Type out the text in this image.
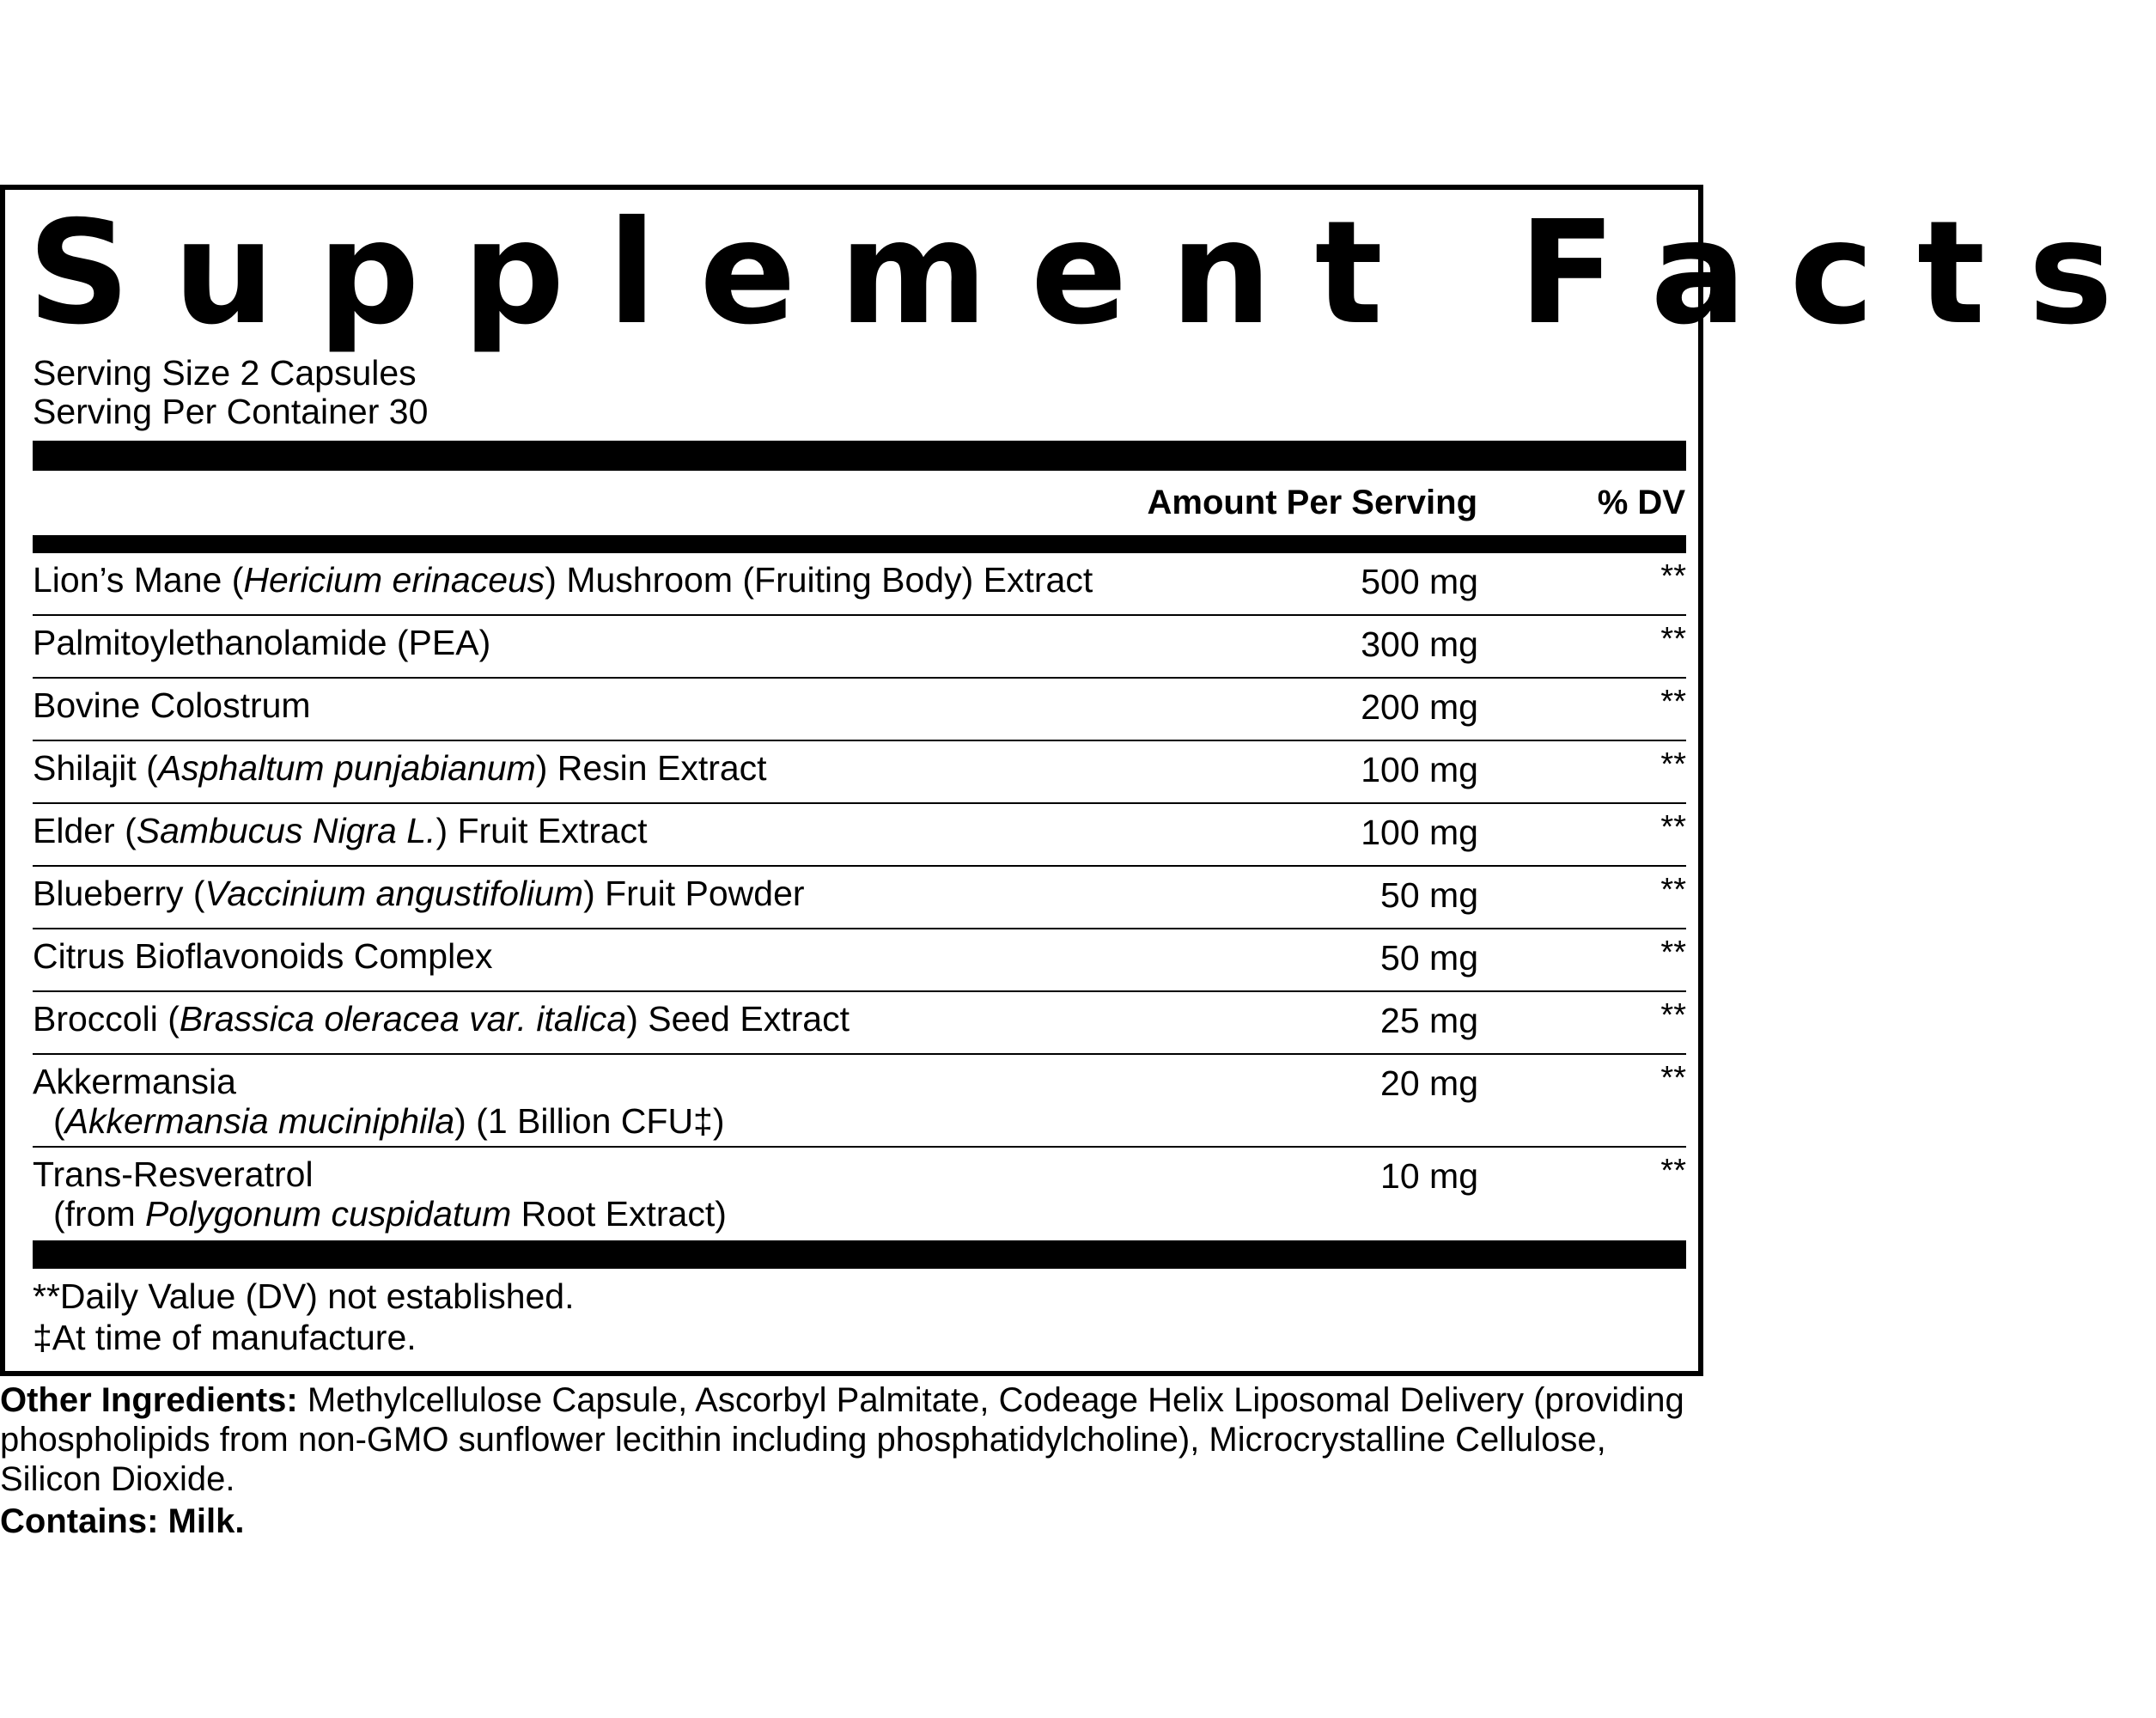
Supplement Facts
Serving Size 2 Capsules
Serving Per Container 30
Amount Per Serving	% DV
Lion’s Mane (Hericium erinaceus) Mushroom (Fruiting Body) Extract	500 mg	**
Palmitoylethanolamide (PEA)	300 mg	**
Bovine Colostrum	200 mg	**
Shilajit (Asphaltum punjabianum) Resin Extract	100 mg	**
Elder (Sambucus Nigra L.) Fruit Extract	100 mg	**
Blueberry (Vaccinium angustifolium) Fruit Powder	50 mg	**
Citrus Bioflavonoids Complex	50 mg	**
Broccoli (Brassica oleracea var. italica) Seed Extract	25 mg	**
Akkermansia
(Akkermansia muciniphila) (1 Billion CFU‡)
20 mg	**
Trans-Resveratrol
(from Polygonum cuspidatum Root Extract)
10 mg	**
**Daily Value (DV) not established.
‡At time of manufacture.
Other Ingredients: Methylcellulose Capsule, Ascorbyl Palmitate, Codeage Helix Liposomal Delivery (providing phospholipids from non-GMO sunflower lecithin including phosphatidylcholine), Microcrystalline Cellulose, Silicon Dioxide.
Contains: Milk.
